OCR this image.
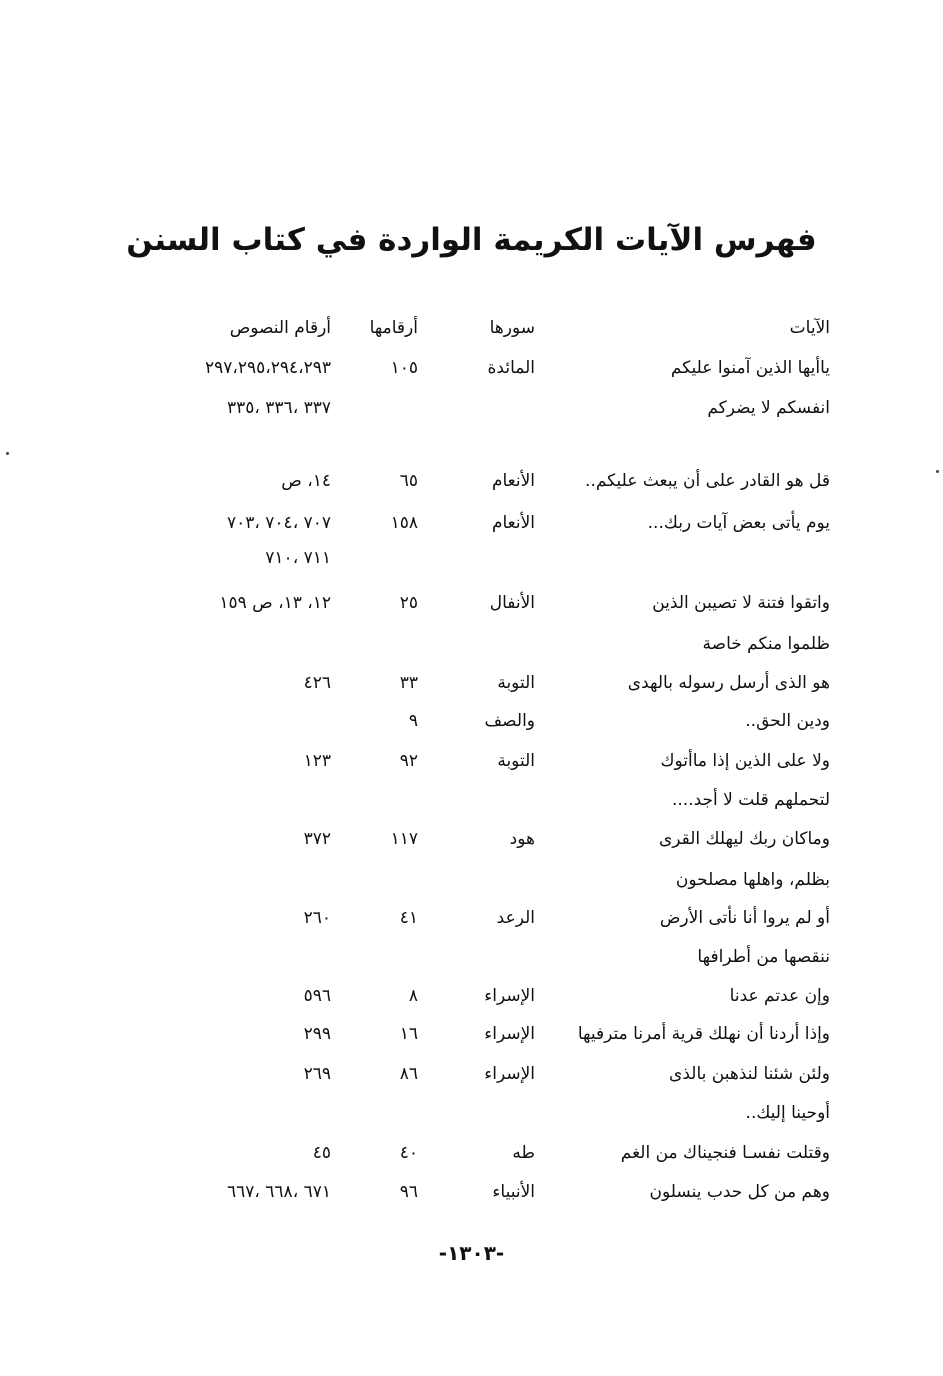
فهرس الآيات الكريمة الواردة في كتاب السنن
الآيات
سورها
أرقامها
أرقام النصوص
ياأيها الذين آمنوا عليكم
المائدة
١٠٥
٢٩٧،٢٩٥،٢٩٤،٢٩٣
انفسكم لا يضركم
٣٣٧ ،٣٣٦ ،٣٣٥
قل هو القادر على أن يبعث عليكم..
الأنعام
٦٥
١٤، ص
يوم يأتى بعض آيات ربك...
الأنعام
١٥٨
٧٠٧ ،٧٠٤ ،٧٠٣
٧١١ ،٧١٠
واتقوا فتنة لا تصيبن الذين
الأنفال
٢٥
١٢، ١٣، ص ١٥٩
ظلموا منكم خاصة
هو الذى أرسل رسوله بالهدى
التوبة
٣٣
٤٢٦
ودين الحق..
والصف
٩
ولا على الذين إذا ماأتوك
التوبة
٩٢
١٢٣
لتحملهم قلت لا أجد....
وماكان ربك ليهلك القرى
هود
١١٧
٣٧٢
بظلم، واهلها مصلحون
أو لم يروا أنا نأتى الأرض
الرعد
٤١
٢٦٠
ننقصها من أطرافها
وإن عدتم عدنا
الإسراء
٨
٥٩٦
وإذا أردنا أن نهلك قرية أمرنا مترفيها
الإسراء
١٦
٢٩٩
ولئن شئنا لنذهبن بالذى
الإسراء
٨٦
٢٦٩
أوحينا إليك..
وقتلت نفسـا فنجيناك من الغم
طه
٤٠
٤٥
وهم من كل حدب ينسلون
الأنبياء
٩٦
٦٧١ ،٦٦٨ ،٦٦٧
-١٣٠٣-
